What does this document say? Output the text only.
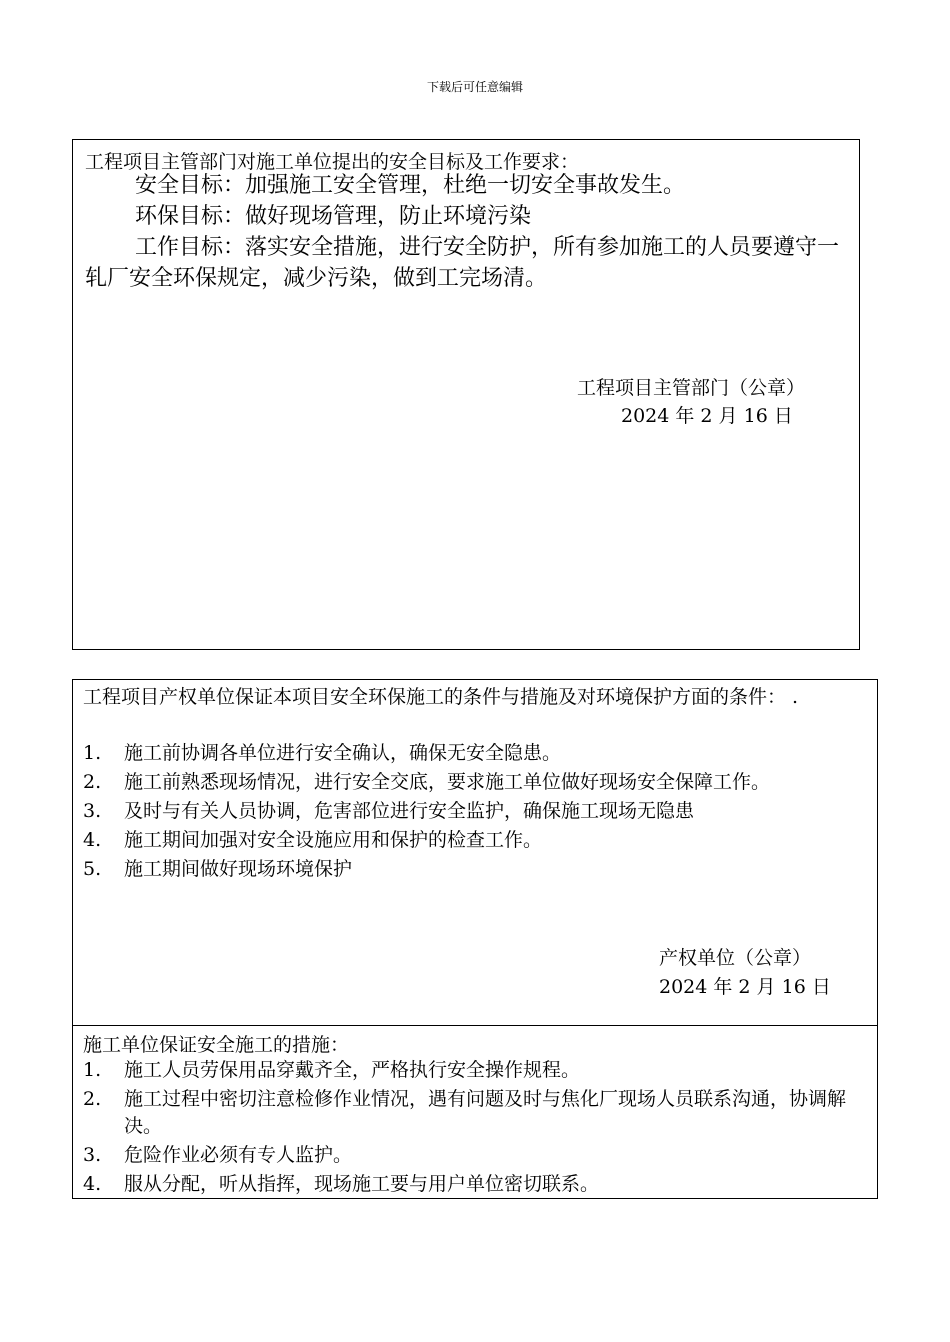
下载后可任意编辑
工程项目主管部门对施工单位提出的安全目标及工作要求：
安全目标：加强施工安全管理，杜绝一切安全事故发生。
环保目标：做好现场管理，防止环境污染
工作目标：落实安全措施，进行安全防护，所有参加施工的人员要遵守一轧厂安全环保规定，减少污染，做到工完场清。
工程项目主管部门（公章）
2024 年 2 月 16 日
工程项目产权单位保证本项目安全环保施工的条件与措施及对环境保护方面的条件： .
1. 施工前协调各单位进行安全确认，确保无安全隐患。
2. 施工前熟悉现场情况，进行安全交底，要求施工单位做好现场安全保障工作。
3. 及时与有关人员协调，危害部位进行安全监护，确保施工现场无隐患
4. 施工期间加强对安全设施应用和保护的检查工作。
5. 施工期间做好现场环境保护
产权单位（公章）
2024 年 2 月 16 日
施工单位保证安全施工的措施：
1. 施工人员劳保用品穿戴齐全，严格执行安全操作规程。
2. 施工过程中密切注意检修作业情况，遇有问题及时与焦化厂现场人员联系沟通，协调解决。
3. 危险作业必须有专人监护。
4. 服从分配，听从指挥，现场施工要与用户单位密切联系。
